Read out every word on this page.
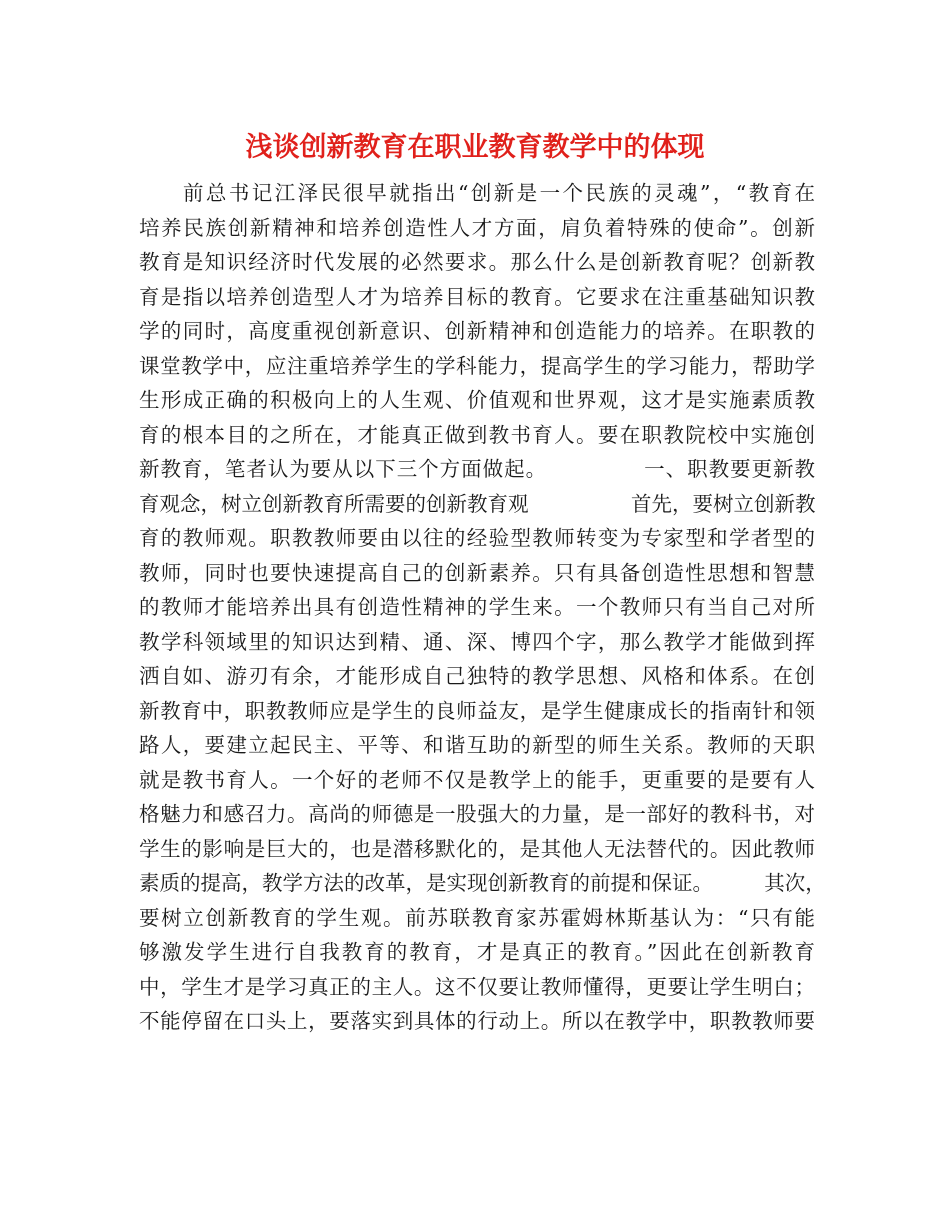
浅谈创新教育在职业教育教学中的体现
前总书记江泽民很早就指出“创新是一个民族的灵魂”，“教育在
培养民族创新精神和培养创造性人才方面，肩负着特殊的使命”。创新
教育是知识经济时代发展的必然要求。那么什么是创新教育呢？创新教
育是指以培养创造型人才为培养目标的教育。它要求在注重基础知识教
学的同时，高度重视创新意识、创新精神和创造能力的培养。在职教的
课堂教学中，应注重培养学生的学科能力，提高学生的学习能力，帮助学
生形成正确的积极向上的人生观、价值观和世界观，这才是实施素质教
育的根本目的之所在，才能真正做到教书育人。要在职教院校中实施创
新教育，笔者认为要从以下三个方面做起。　　　　　一、职教要更新教
育观念，树立创新教育所需要的创新教育观　　　　　首先，要树立创新教
育的教师观。职教教师要由以往的经验型教师转变为专家型和学者型的
教师，同时也要快速提高自己的创新素养。只有具备创造性思想和智慧
的教师才能培养出具有创造性精神的学生来。一个教师只有当自己对所
教学科领域里的知识达到精、通、深、博四个字，那么教学才能做到挥
洒自如、游刃有余，才能形成自己独特的教学思想、风格和体系。在创
新教育中，职教教师应是学生的良师益友，是学生健康成长的指南针和领
路人，要建立起民主、平等、和谐互助的新型的师生关系。教师的天职
就是教书育人。一个好的老师不仅是教学上的能手，更重要的是要有人
格魅力和感召力。高尚的师德是一股强大的力量，是一部好的教科书，对
学生的影响是巨大的，也是潜移默化的，是其他人无法替代的。因此教师
素质的提高，教学方法的改革，是实现创新教育的前提和保证。　　　其次，
要树立创新教育的学生观。前苏联教育家苏霍姆林斯基认为：“只有能
够激发学生进行自我教育的教育，才是真正的教育。”因此在创新教育
中，学生才是学习真正的主人。这不仅要让教师懂得，更要让学生明白；
不能停留在口头上，要落实到具体的行动上。所以在教学中，职教教师要
